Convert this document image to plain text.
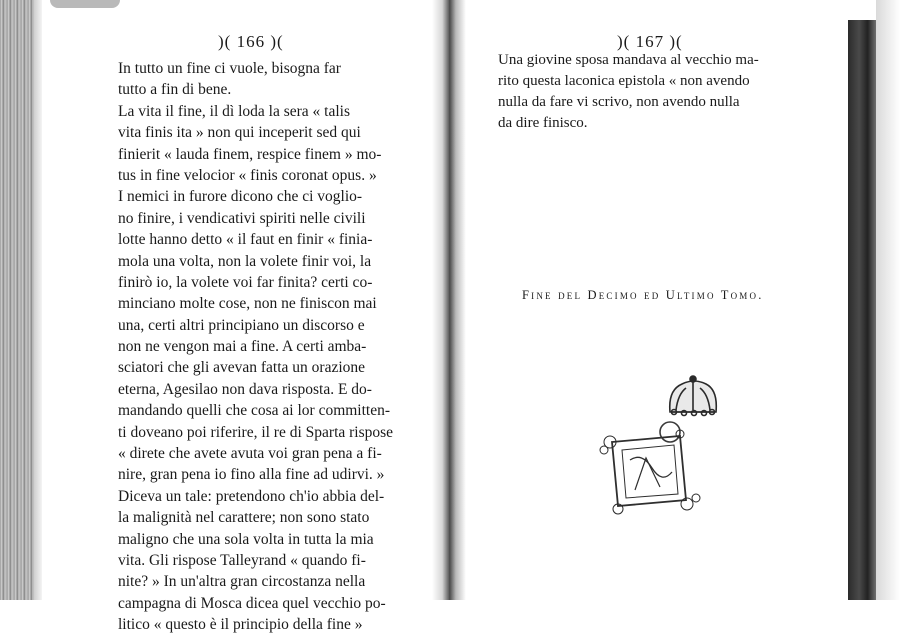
)( 166 )(
In tutto un fine ci vuole, bisogna far
tutto a fin di bene.
La vita il fine, il dì loda la sera « talis
vita finis ita » non qui inceperit sed qui
finierit « lauda finem, respice finem » mo-
tus in fine velocior « finis coronat opus. »
I nemici in furore dicono che ci voglio-
no finire, i vendicativi spiriti nelle civili
lotte hanno detto « il faut en finir « finia-
mola una volta, non la volete finir voi, la
finirò io, la volete voi far finita? certi co-
minciano molte cose, non ne finiscon mai
una, certi altri principiano un discorso e
non ne vengon mai a fine. A certi amba-
sciatori che gli avevan fatta un orazione
eterna, Agesilao non dava risposta. E do-
mandando quelli che cosa ai lor committen-
ti doveano poi riferire, il re di Sparta rispose
« direte che avete avuta voi gran pena a fi-
nire, gran pena io fino alla fine ad udirvi. »
Diceva un tale: pretendono ch'io abbia del-
la malignità nel carattere; non sono stato
maligno che una sola volta in tutta la mia
vita. Gli rispose Talleyrand « quando fi-
nite? » In un'altra gran circostanza nella
campagna di Mosca dicea quel vecchio po-
litico « questo è il principio della fine »
)( 167 )(
Una giovine sposa mandava al vecchio ma-
rito questa laconica epistola « non avendo
nulla da fare vi scrivo, non avendo nulla
da dire finisco.
Fine del Decimo ed Ultimo Tomo.
